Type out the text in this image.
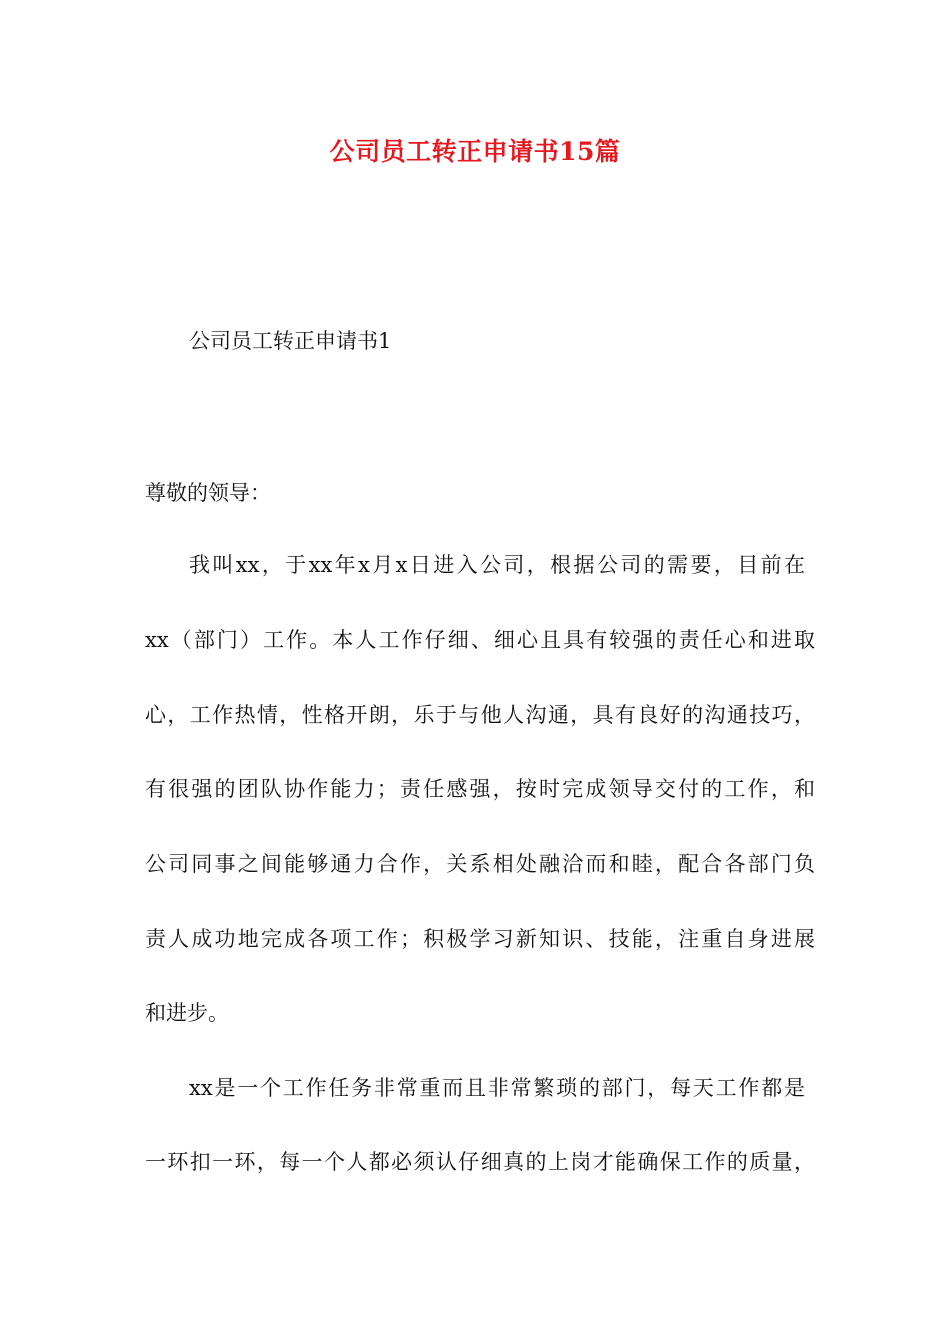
公司员工转正申请书15篇
公司员工转正申请书1
尊敬的领导：
我叫xx，于xx年x月x日进入公司，根据公司的需要，目前在
xx（部门）工作。本人工作仔细、细心且具有较强的责任心和进取
心，工作热情，性格开朗，乐于与他人沟通，具有良好的沟通技巧，
有很强的团队协作能力；责任感强，按时完成领导交付的工作，和
公司同事之间能够通力合作，关系相处融洽而和睦，配合各部门负
责人成功地完成各项工作；积极学习新知识、技能，注重自身进展
和进步。
xx是一个工作任务非常重而且非常繁琐的部门，每天工作都是
一环扣一环，每一个人都必须认仔细真的上岗才能确保工作的质量，
